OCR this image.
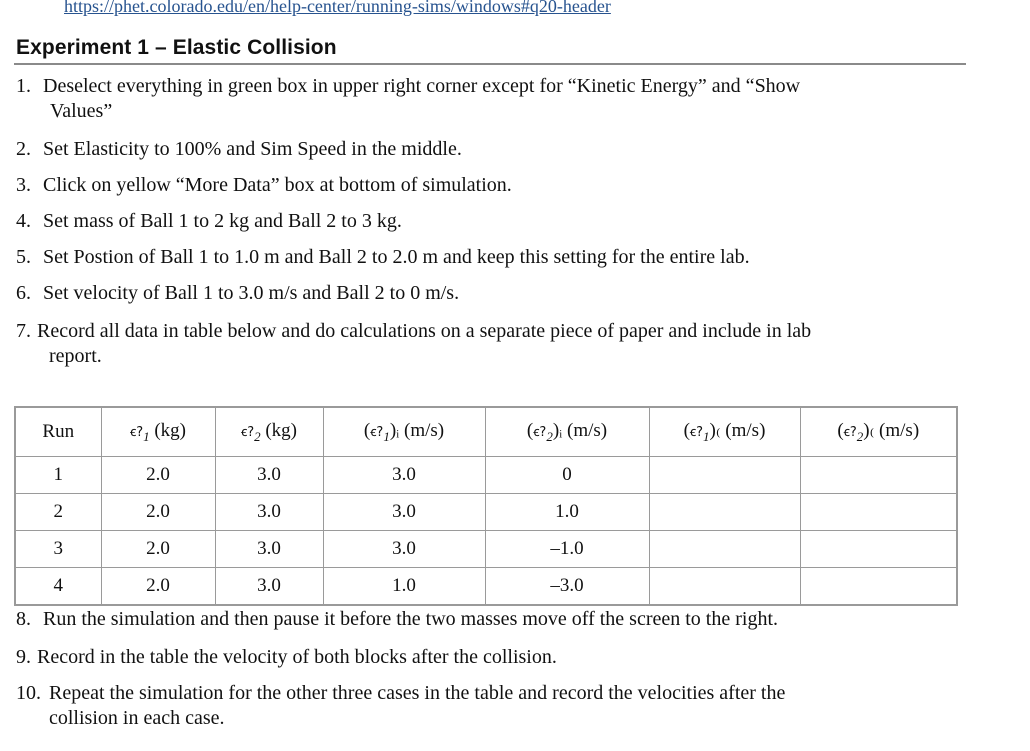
https://phet.colorado.edu/en/help-center/running-sims/windows#q20-header
Experiment 1 – Elastic Collision
1. Deselect everything in green box in upper right corner except for “Kinetic Energy” and “Show
Values”
2. Set Elasticity to 100% and Sim Speed in the middle.
3. Click on yellow “More Data” box at bottom of simulation.
4. Set mass of Ball 1 to 2 kg and Ball 2 to 3 kg.
5. Set Postion of Ball 1 to 1.0 m and Ball 2 to 2.0 m and keep this setting for the entire lab.
6. Set velocity of Ball 1 to 3.0 m/s and Ball 2 to 0 m/s.
7. Record all data in table below and do calculations on a separate piece of paper and include in lab
report.
Run	$ꞓ?_1$ (kg)	$ꞓ?_2$ (kg)	$(ꞓ?_1)ᵢ$ (m/s)	$(ꞓ?_2)ᵢ$ (m/s)	$(ꞓ?_1)_($ (m/s)	$(ꞓ?_2)_($ (m/s)
1	2.0	3.0	3.0	0		
2	2.0	3.0	3.0	1.0		
3	2.0	3.0	3.0	–1.0		
4	2.0	3.0	1.0	–3.0		
8. Run the simulation and then pause it before the two masses move off the screen to the right.
9. Record in the table the velocity of both blocks after the collision.
10. Repeat the simulation for the other three cases in the table and record the velocities after the
collision in each case.
